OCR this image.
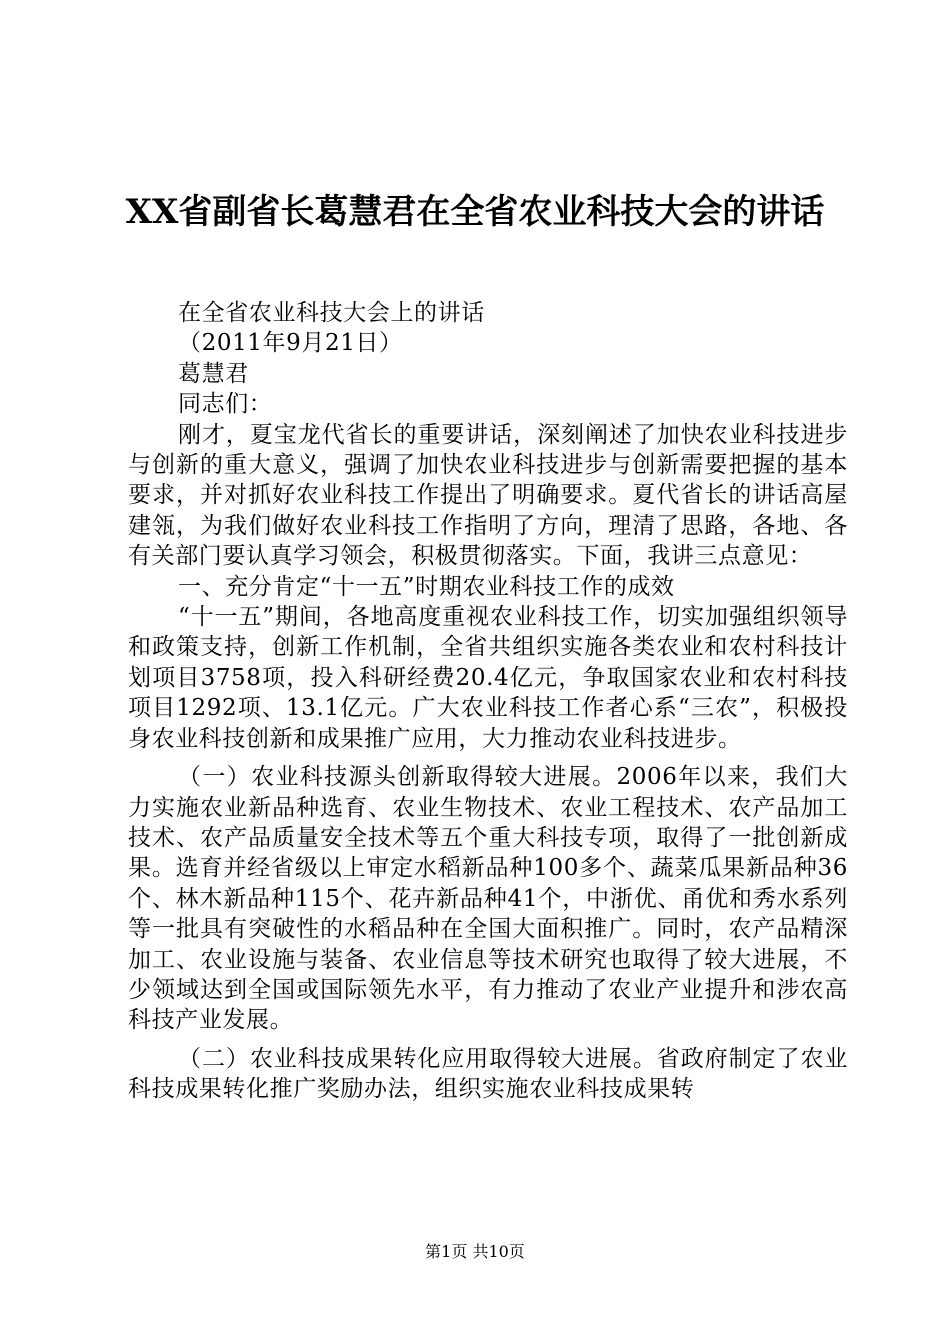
XX省副省长葛慧君在全省农业科技大会的讲话

在全省农业科技大会上的讲话

（2011年9月21日）

葛慧君

同志们：

刚才，夏宝龙代省长的重要讲话，深刻阐述了加快农业科技进步与创新的重大意义，强调了加快农业科技进步与创新需要把握的基本要求，并对抓好农业科技工作提出了明确要求。夏代省长的讲话高屋建瓴，为我们做好农业科技工作指明了方向，理清了思路，各地、各有关部门要认真学习领会，积极贯彻落实。下面，我讲三点意见：

一、充分肯定“十一五”时期农业科技工作的成效

“十一五”期间，各地高度重视农业科技工作，切实加强组织领导和政策支持，创新工作机制，全省共组织实施各类农业和农村科技计划项目3758项，投入科研经费20.4亿元，争取国家农业和农村科技项目1292项、13.1亿元。广大农业科技工作者心系“三农”，积极投身农业科技创新和成果推广应用，大力推动农业科技进步。

（一）农业科技源头创新取得较大进展。2006年以来，我们大力实施农业新品种选育、农业生物技术、农业工程技术、农产品加工技术、农产品质量安全技术等五个重大科技专项，取得了一批创新成果。选育并经省级以上审定水稻新品种100多个、蔬菜瓜果新品种36个、林木新品种115个、花卉新品种41个，中浙优、甬优和秀水系列等一批具有突破性的水稻品种在全国大面积推广。同时，农产品精深加工、农业设施与装备、农业信息等技术研究也取得了较大进展，不少领域达到全国或国际领先水平，有力推动了农业产业提升和涉农高科技产业发展。

（二）农业科技成果转化应用取得较大进展。省政府制定了农业科技成果转化推广奖励办法，组织实施农业科技成果转

第1页 共10页
